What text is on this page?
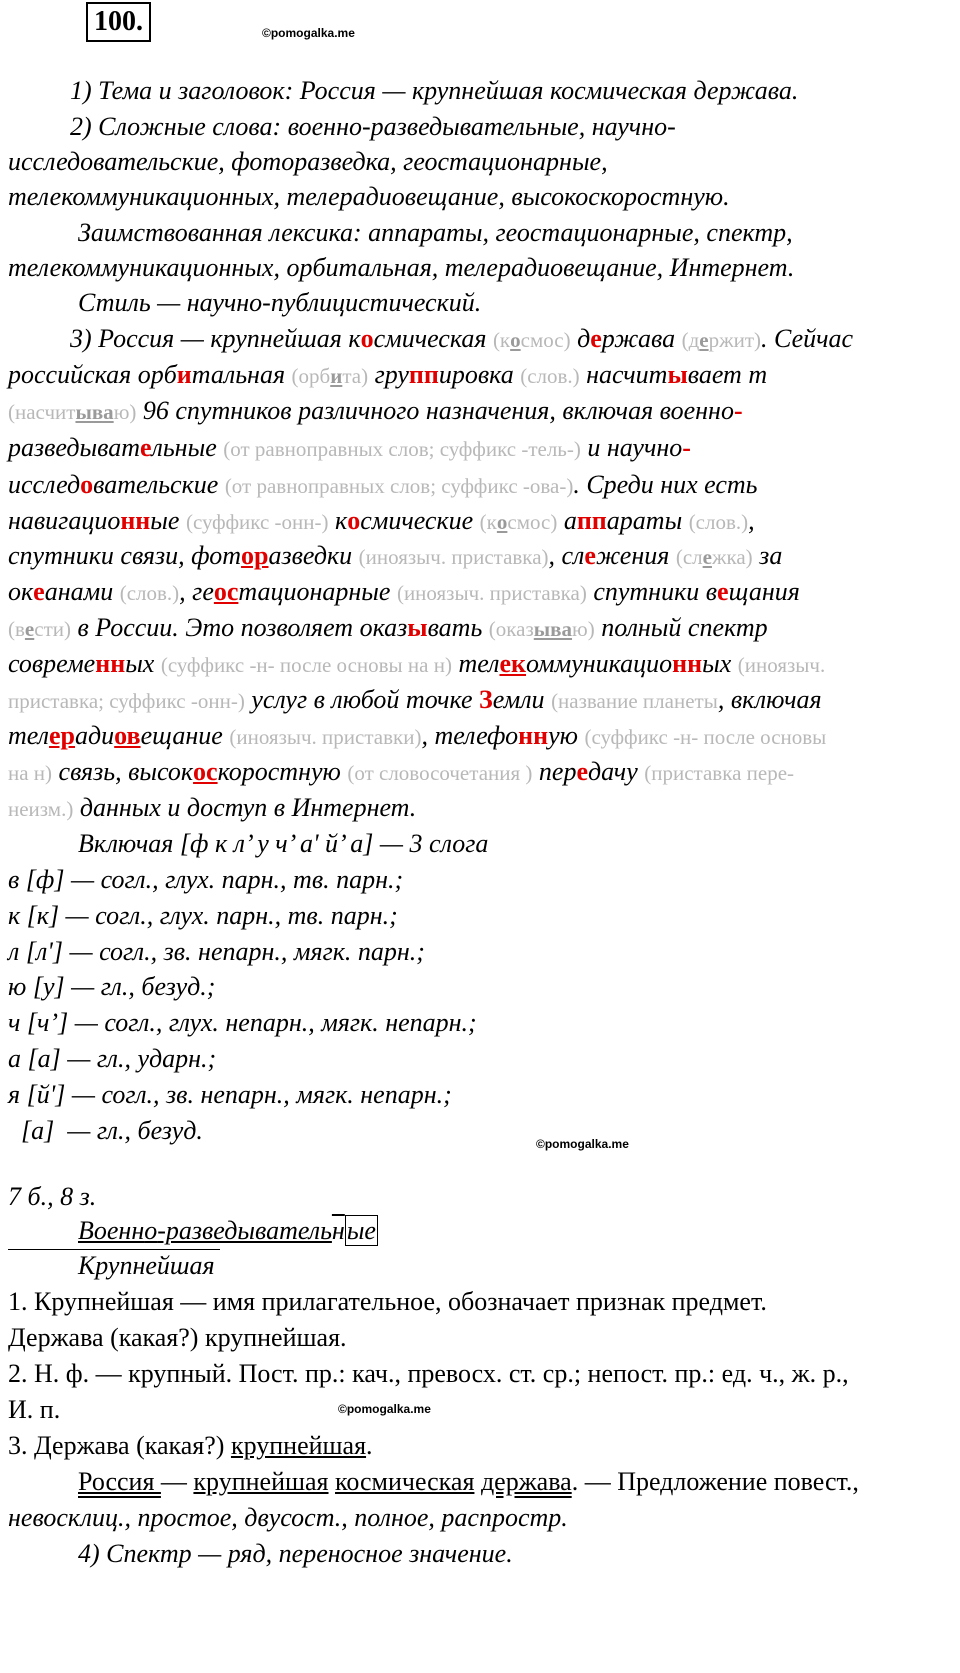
100.	©pomogalka.me
1) Тема и заголовок: Россия — крупнейшая космическая держава.
2) Сложные слова: военно-разведывательные, научно-
исследовательские, фоторазведка, геостационарные,
телекоммуникационных, телерадиовещание, высокоскоростную.
Заимствованная лексика: аппараты, геостационарные, спектр,
телекоммуникационных, орбитальная, телерадиовещание, Интернет.
Стиль — научно-публицистический.
3) Россия — крупнейшая космическая (космос) держава (держит). Сейчас
российская орбитальная (орбита) группировка (слов.) насчитывает т
(насчитываю) 96 спутников различного назначения, включая военно-
разведывательные (от равноправных слов; суффикс -тель-) и научно-
исследовательские (от равноправных слов; суффикс -ова-). Среди них есть
навигационные (суффикс -онн-) космические (космос) аппараты (слов.),
спутники связи, фоторазведки (иноязыч. приставка), слежения (слежка) за
океанами (слов.), геостационарные (иноязыч. приставка) спутники вещания
(вести) в России. Это позволяет оказывать (оказываю) полный спектр
современных (суффикс -н- после основы на н) телекоммуникационных (иноязыч.
приставка; суффикс -онн-) услуг в любой точке Земли (название планеты, включая
телерадиовещание (иноязыч. приставки), телефонную (суффикс -н- после основы
на н) связь, высокоскоростную (от словосочетания ) передачу (приставка пере-
неизм.) данных и доступ в Интернет.
Включая [ф к л’ у ч’ а' й’ а] — 3 слога
в [ф] — согл., глух. парн., тв. парн.;
к [к] — согл., глух. парн., тв. парн.;
л [л'] — согл., зв. непарн., мягк. парн.;
ю [у] — гл., безуд.;
ч [ч’] — согл., глух. непарн., мягк. непарн.;
а [а] — гл., ударн.;
я [й'] — согл., зв. непарн., мягк. непарн.;
[а]  — гл., безуд.	©pomogalka.me
7 б., 8 з.
Военно-разведывательные
Крупнейшая
1. Крупнейшая — имя прилагательное, обозначает признак предмет.
Держава (какая?) крупнейшая.
2. Н. ф. — крупный. Пост. пр.: кач., превосх. ст. ср.; непост. пр.: ед. ч., ж. р.,
И. п.	©pomogalka.me
3. Держава (какая?) крупнейшая.
Россия — крупнейшая космическая держава. — Предложение повест.,
невосклиц., простое, двусост., полное, распростр.
4) Спектр — ряд, переносное значение.
